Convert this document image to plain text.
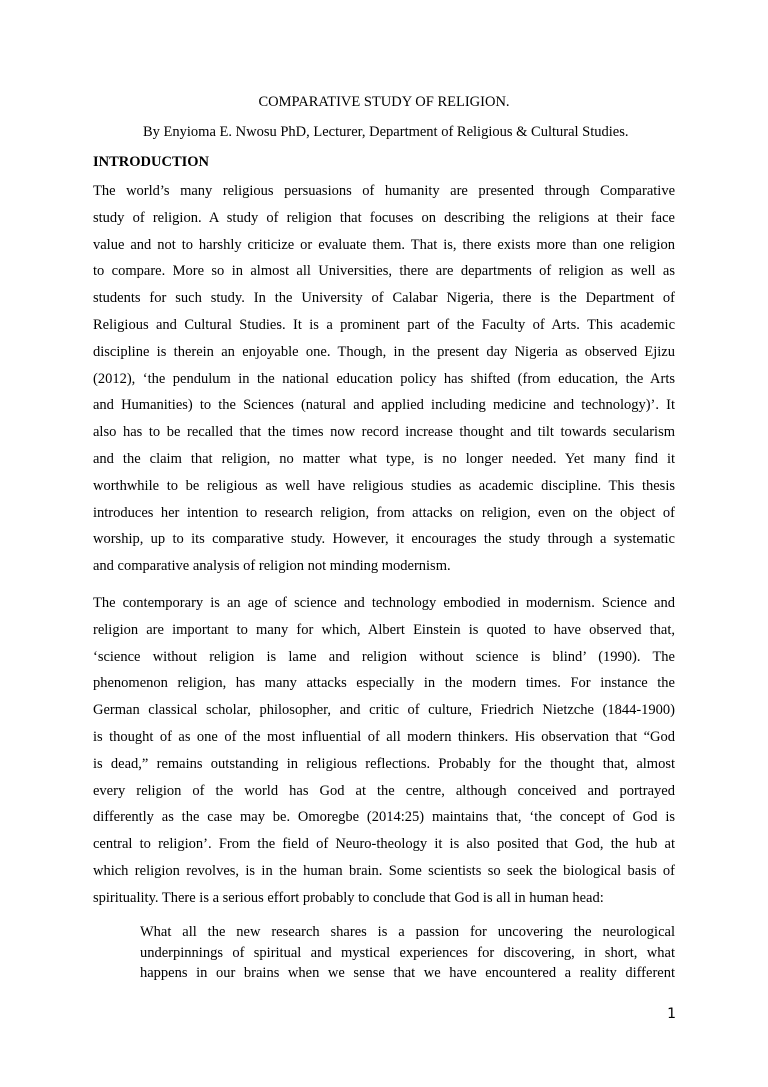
COMPARATIVE STUDY OF RELIGION.

By Enyioma E. Nwosu PhD, Lecturer, Department of Religious & Cultural Studies.

INTRODUCTION

The world’s many religious persuasions of humanity are presented through Comparative
study of religion. A study of religion that focuses on describing the religions at their face
value and not to harshly criticize or evaluate them. That is, there exists more than one religion
to compare. More so in almost all Universities, there are departments of religion as well as
students for such study. In the University of Calabar Nigeria, there is the Department of
Religious and Cultural Studies. It is a prominent part of the Faculty of Arts. This academic
discipline is therein an enjoyable one. Though, in the present day Nigeria as observed Ejizu
(2012), ‘the pendulum in the national education policy has shifted (from education, the Arts
and Humanities) to the Sciences (natural and applied including medicine and technology)’. It
also has to be recalled that the times now record increase thought and tilt towards secularism
and the claim that religion, no matter what type, is no longer needed. Yet many find it
worthwhile to be religious as well have religious studies as academic discipline. This thesis
introduces her intention to research religion, from attacks on religion, even on the object of
worship, up to its comparative study. However, it encourages the study through a systematic
and comparative analysis of religion not minding modernism.
The contemporary is an age of science and technology embodied in modernism. Science and
religion are important to many for which, Albert Einstein is quoted to have observed that,
‘science without religion is lame and religion without science is blind’ (1990). The
phenomenon religion, has many attacks especially in the modern times. For instance the
German classical scholar, philosopher, and critic of culture, Friedrich Nietzche (1844-1900)
is thought of as one of the most influential of all modern thinkers. His observation that “God
is dead,” remains outstanding in religious reflections. Probably for the thought that, almost
every religion of the world has God at the centre, although conceived and portrayed
differently as the case may be. Omoregbe (2014:25) maintains that, ‘the concept of God is
central to religion’. From the field of Neuro-theology it is also posited that God, the hub at
which religion revolves, is in the human brain. Some scientists so seek the biological basis of
spirituality. There is a serious effort probably to conclude that God is all in human head:
What all the new research shares is a passion for uncovering the neurological
underpinnings of spiritual and mystical experiences for discovering, in short, what
happens in our brains when we sense that we have encountered a reality different

1
